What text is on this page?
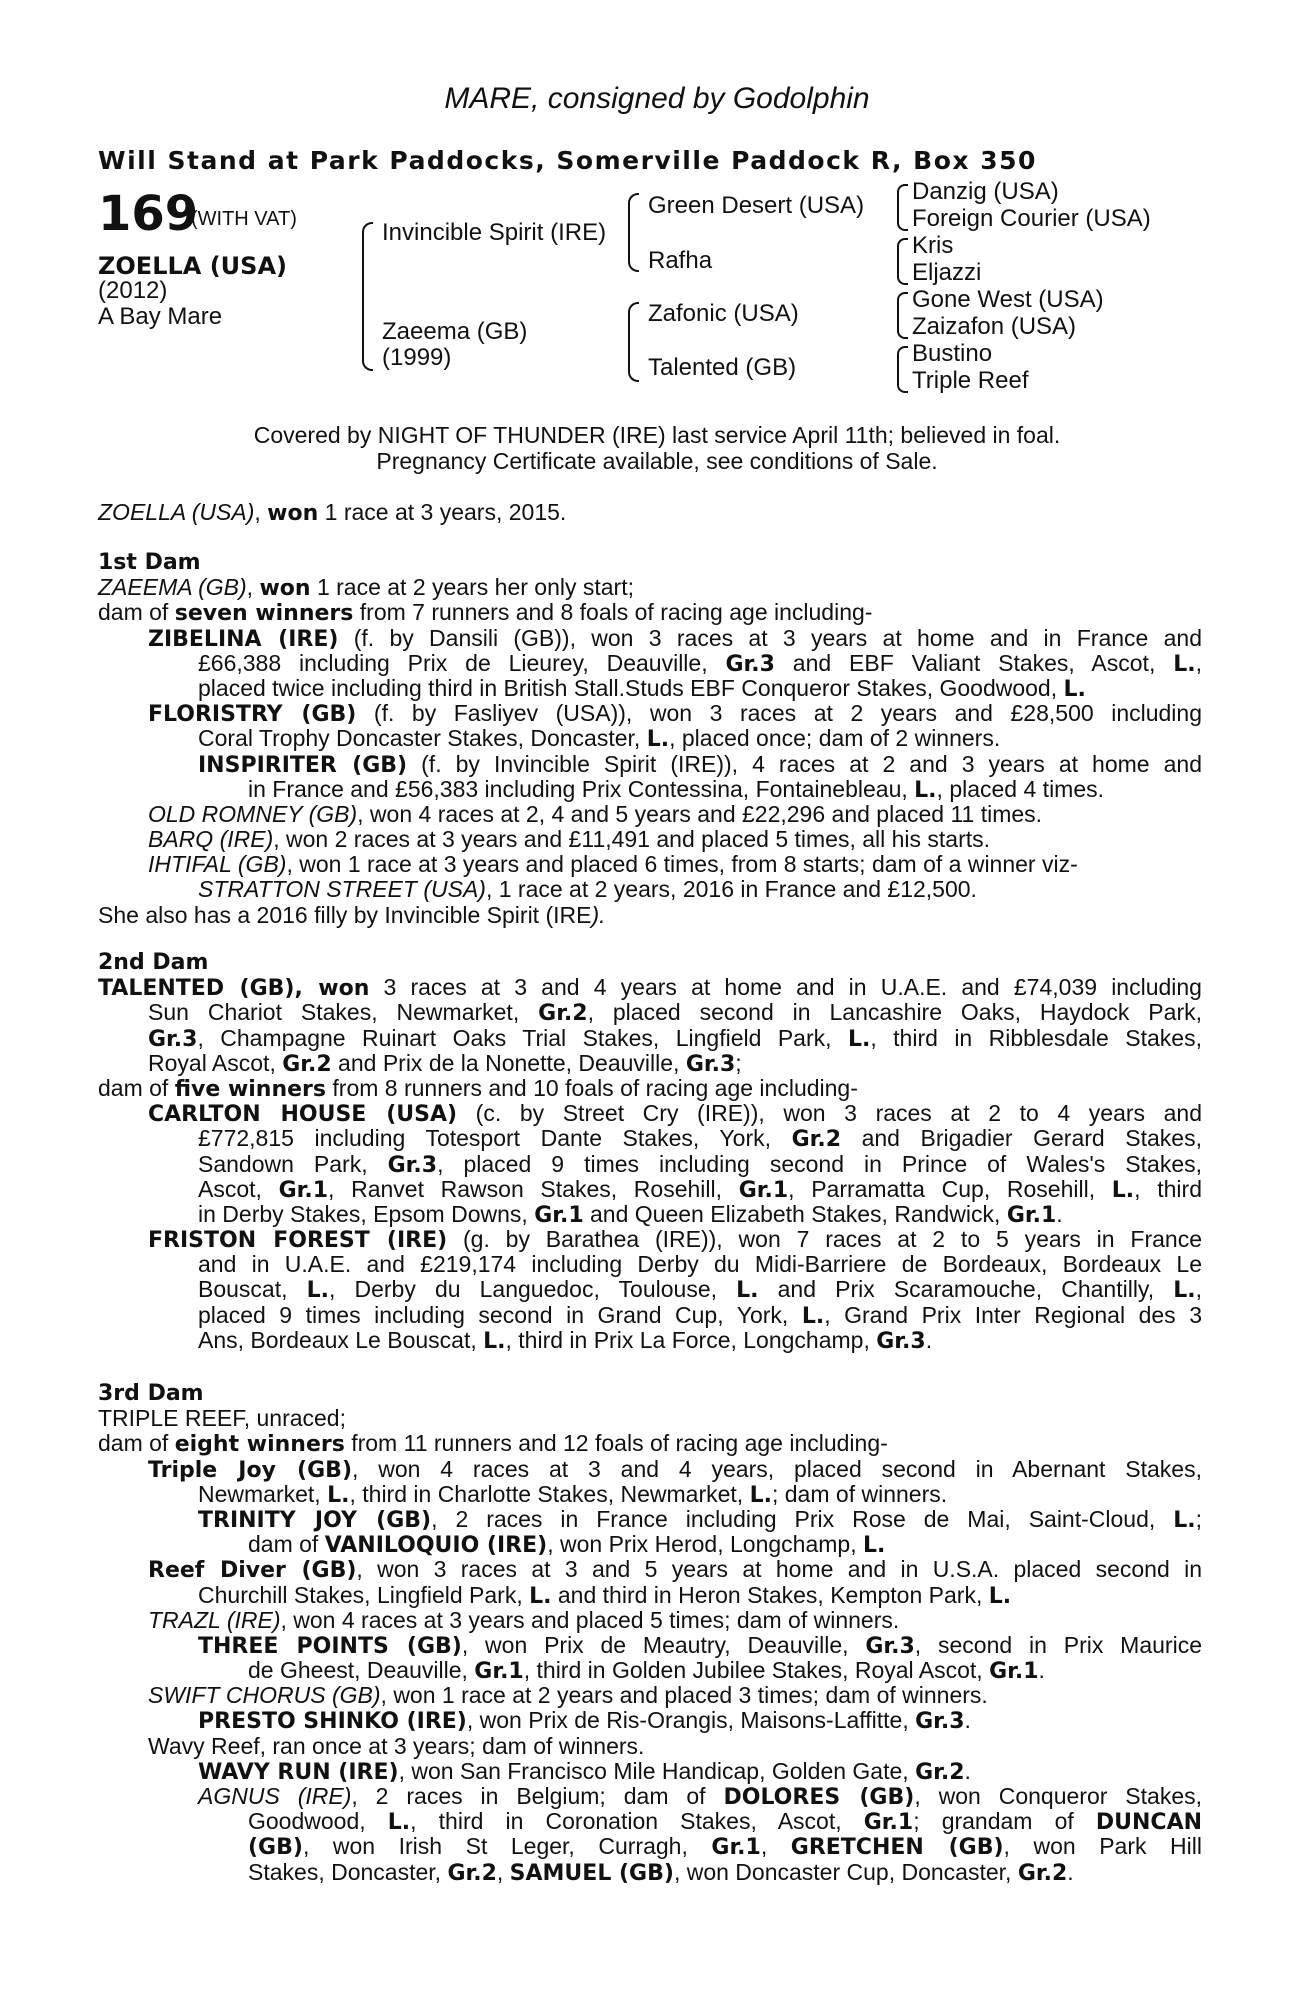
MARE, consigned by Godolphin
Will Stand at Park Paddocks, Somerville Paddock R, Box 350
169
(WITH VAT)
ZOELLA (USA)
(2012)
A Bay Mare
Invincible Spirit (IRE)
Zaeema (GB)
(1999)
Green Desert (USA)
Rafha
Zafonic (USA)
Talented (GB)
Danzig (USA)
Foreign Courier (USA)
Kris
Eljazzi
Gone West (USA)
Zaizafon (USA)
Bustino
Triple Reef
Covered by NIGHT OF THUNDER (IRE) last service April 11th; believed in foal.
Pregnancy Certificate available, see conditions of Sale.
ZOELLA (USA), won 1 race at 3 years, 2015.
1st Dam
ZAEEMA (GB), won 1 race at 2 years her only start;
dam of seven winners from 7 runners and 8 foals of racing age including-
ZIBELINA (IRE) (f. by Dansili (GB)), won 3 races at 3 years at home and in France and
£66,388 including Prix de Lieurey, Deauville, Gr.3 and EBF Valiant Stakes, Ascot, L.,
placed twice including third in British Stall.Studs EBF Conqueror Stakes, Goodwood, L.
FLORISTRY (GB) (f. by Fasliyev (USA)), won 3 races at 2 years and £28,500 including
Coral Trophy Doncaster Stakes, Doncaster, L., placed once; dam of 2 winners.
INSPIRITER (GB) (f. by Invincible Spirit (IRE)), 4 races at 2 and 3 years at home and
in France and £56,383 including Prix Contessina, Fontainebleau, L., placed 4 times.
OLD ROMNEY (GB), won 4 races at 2, 4 and 5 years and £22,296 and placed 11 times.
BARQ (IRE), won 2 races at 3 years and £11,491 and placed 5 times, all his starts.
IHTIFAL (GB), won 1 race at 3 years and placed 6 times, from 8 starts; dam of a winner viz-
STRATTON STREET (USA), 1 race at 2 years, 2016 in France and £12,500.
She also has a 2016 filly by Invincible Spirit (IRE).
2nd Dam
TALENTED (GB), won 3 races at 3 and 4 years at home and in U.A.E. and £74,039 including
Sun Chariot Stakes, Newmarket, Gr.2, placed second in Lancashire Oaks, Haydock Park,
Gr.3, Champagne Ruinart Oaks Trial Stakes, Lingfield Park, L., third in Ribblesdale Stakes,
Royal Ascot, Gr.2 and Prix de la Nonette, Deauville, Gr.3;
dam of five winners from 8 runners and 10 foals of racing age including-
CARLTON HOUSE (USA) (c. by Street Cry (IRE)), won 3 races at 2 to 4 years and
£772,815 including Totesport Dante Stakes, York, Gr.2 and Brigadier Gerard Stakes,
Sandown Park, Gr.3, placed 9 times including second in Prince of Wales's Stakes,
Ascot, Gr.1, Ranvet Rawson Stakes, Rosehill, Gr.1, Parramatta Cup, Rosehill, L., third
in Derby Stakes, Epsom Downs, Gr.1 and Queen Elizabeth Stakes, Randwick, Gr.1.
FRISTON FOREST (IRE) (g. by Barathea (IRE)), won 7 races at 2 to 5 years in France
and in U.A.E. and £219,174 including Derby du Midi-Barriere de Bordeaux, Bordeaux Le
Bouscat, L., Derby du Languedoc, Toulouse, L. and Prix Scaramouche, Chantilly, L.,
placed 9 times including second in Grand Cup, York, L., Grand Prix Inter Regional des 3
Ans, Bordeaux Le Bouscat, L., third in Prix La Force, Longchamp, Gr.3.
3rd Dam
TRIPLE REEF, unraced;
dam of eight winners from 11 runners and 12 foals of racing age including-
Triple Joy (GB), won 4 races at 3 and 4 years, placed second in Abernant Stakes,
Newmarket, L., third in Charlotte Stakes, Newmarket, L.; dam of winners.
TRINITY JOY (GB), 2 races in France including Prix Rose de Mai, Saint-Cloud, L.;
dam of VANILOQUIO (IRE), won Prix Herod, Longchamp, L.
Reef Diver (GB), won 3 races at 3 and 5 years at home and in U.S.A. placed second in
Churchill Stakes, Lingfield Park, L. and third in Heron Stakes, Kempton Park, L.
TRAZL (IRE), won 4 races at 3 years and placed 5 times; dam of winners.
THREE POINTS (GB), won Prix de Meautry, Deauville, Gr.3, second in Prix Maurice
de Gheest, Deauville, Gr.1, third in Golden Jubilee Stakes, Royal Ascot, Gr.1.
SWIFT CHORUS (GB), won 1 race at 2 years and placed 3 times; dam of winners.
PRESTO SHINKO (IRE), won Prix de Ris-Orangis, Maisons-Laffitte, Gr.3.
Wavy Reef, ran once at 3 years; dam of winners.
WAVY RUN (IRE), won San Francisco Mile Handicap, Golden Gate, Gr.2.
AGNUS (IRE), 2 races in Belgium; dam of DOLORES (GB), won Conqueror Stakes,
Goodwood, L., third in Coronation Stakes, Ascot, Gr.1; grandam of DUNCAN
(GB), won Irish St Leger, Curragh, Gr.1, GRETCHEN (GB), won Park Hill
Stakes, Doncaster, Gr.2, SAMUEL (GB), won Doncaster Cup, Doncaster, Gr.2.
